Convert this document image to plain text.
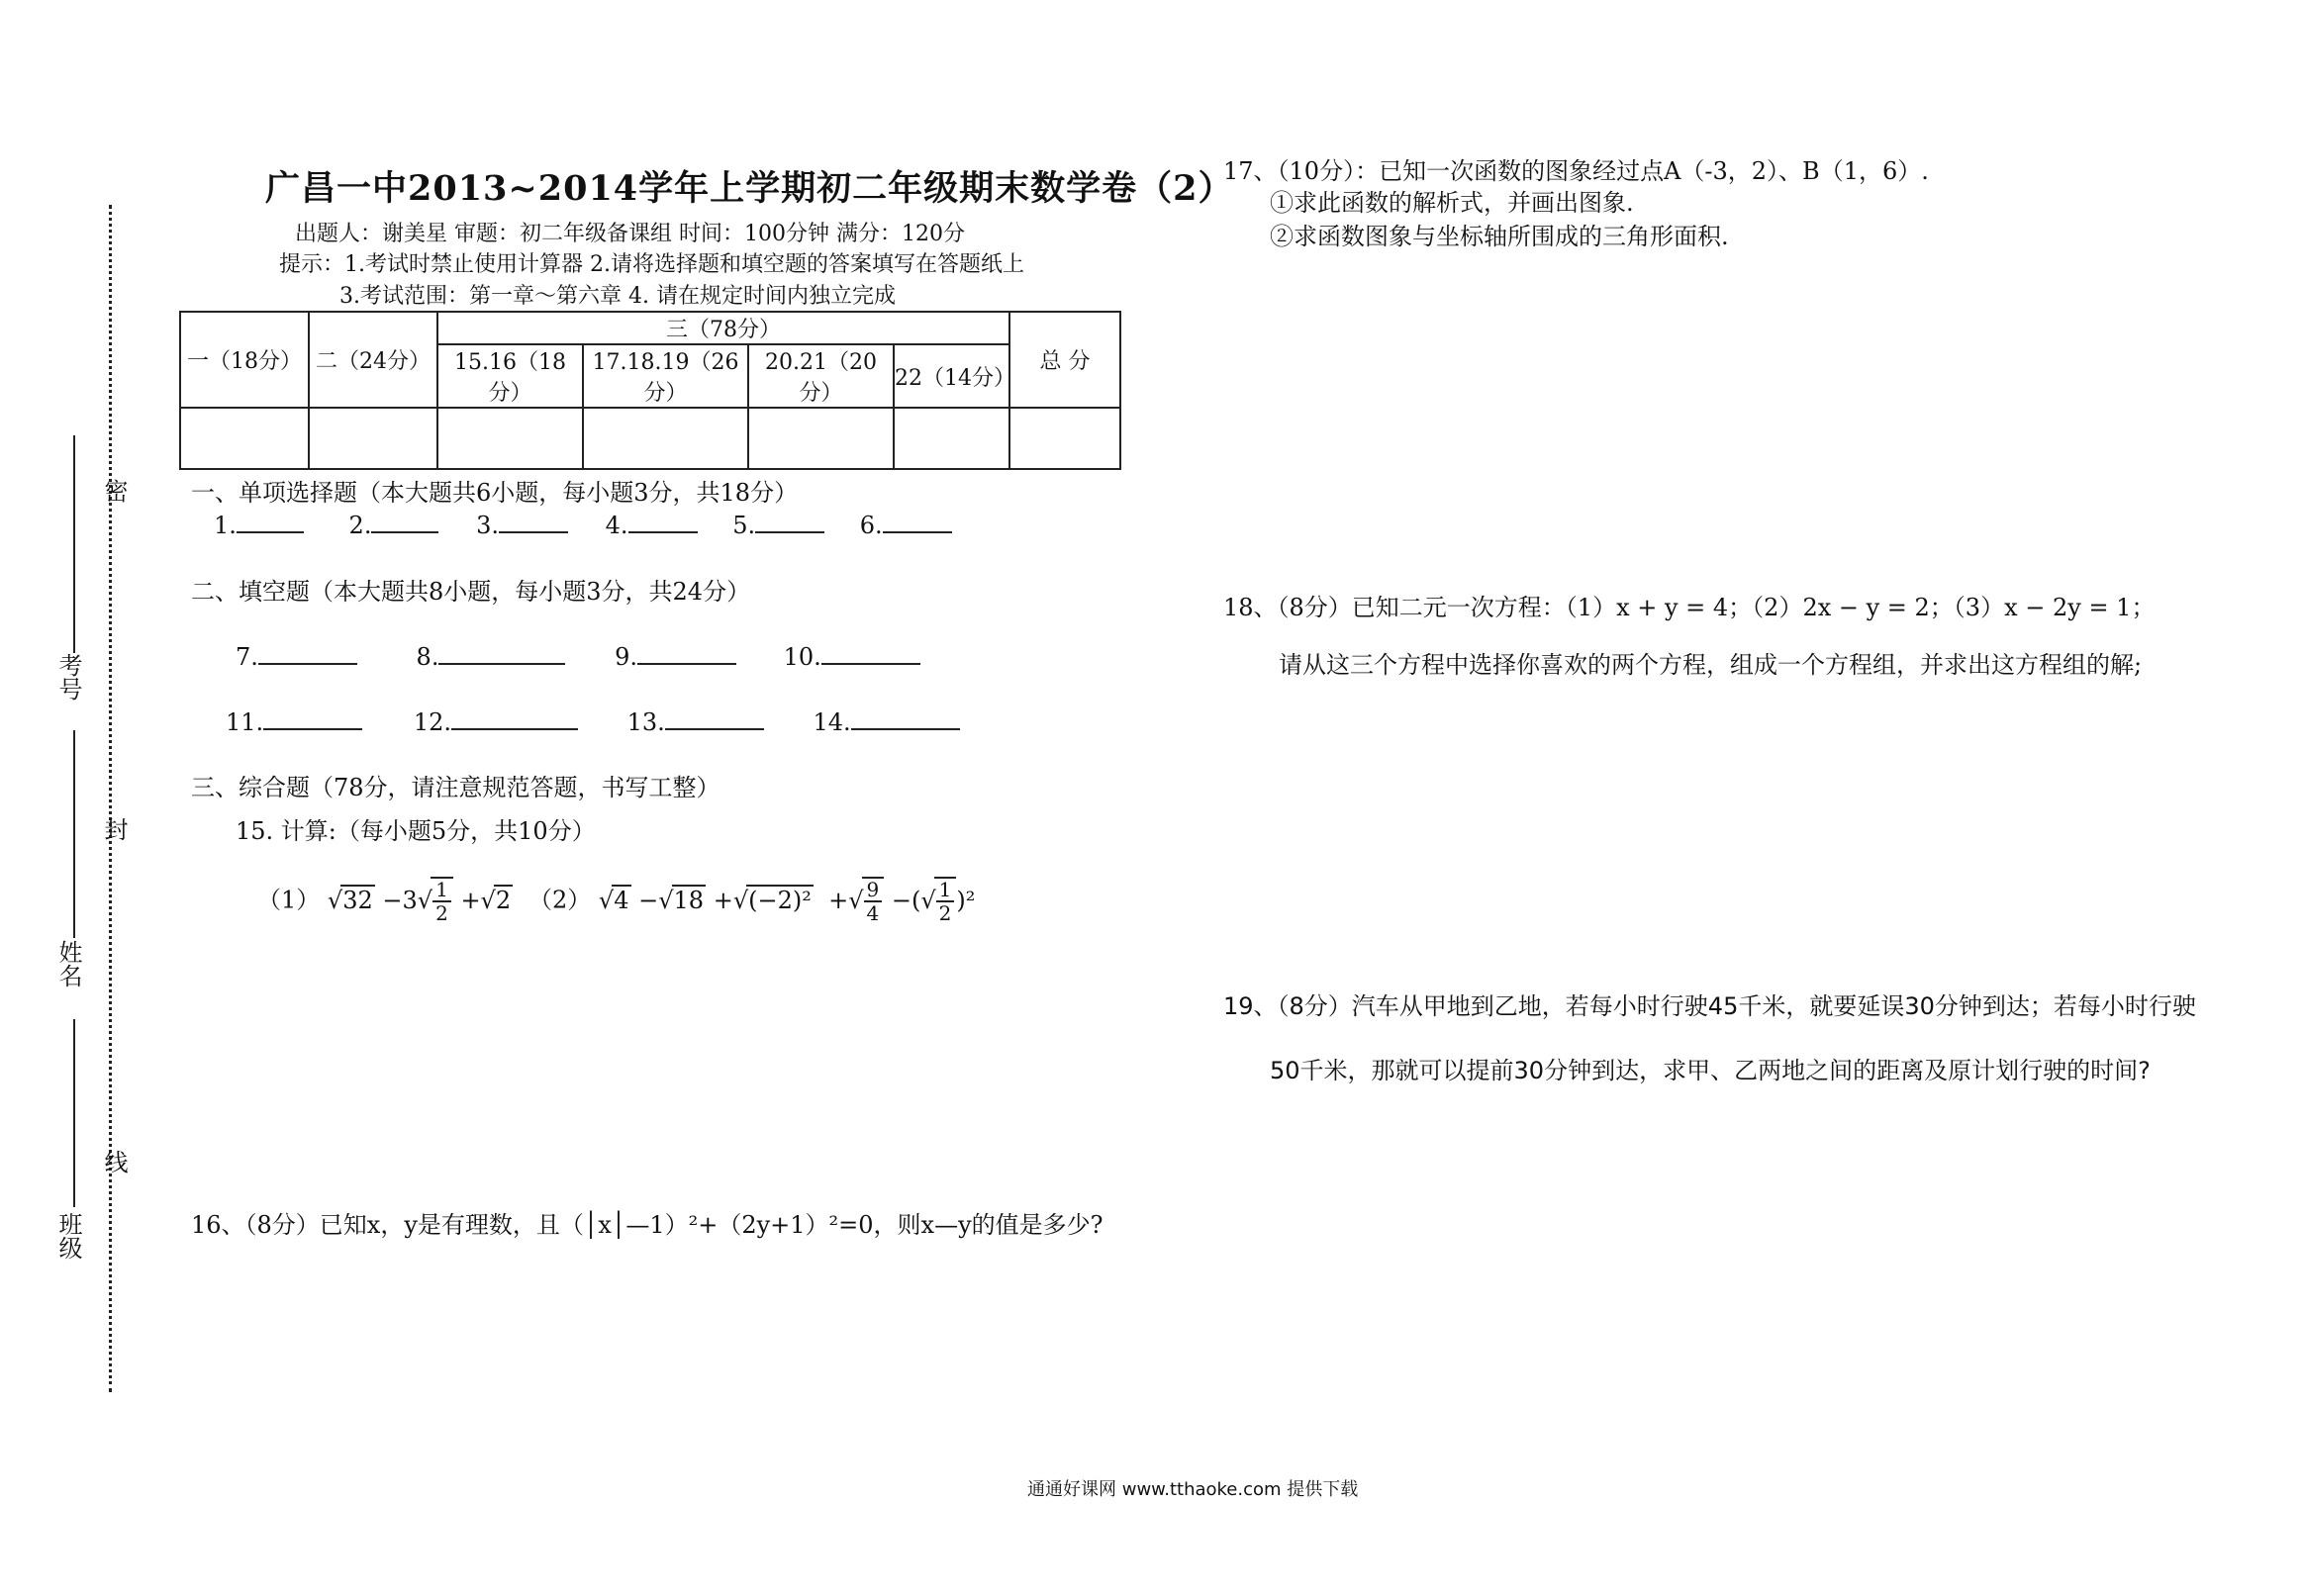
密
封
线
考号
姓名
班级
广昌一中2013~2014学年上学期初二年级期末数学卷（2）
出题人：谢美星 审题：初二年级备课组 时间：100分钟 满分：120分
提示：1.考试时禁止使用计算器 2.请将选择题和填空题的答案填写在答题纸上
3.考试范围：第一章～第六章 4. 请在规定时间内独立完成
一（18分）	二（24分）	三（78分）				总 分
		15.16（18分）	17.18.19（26分）	20.21（20分）	22（14分）	

一、单项选择题（本大题共6小题，每小题3分，共18分）
1.	2.	3.	4.	5.	6.
二、填空题（本大题共8小题，每小题3分，共24分）
7.	8.	9.	10.
11.	12.	13.	14.
三、综合题（78分，请注意规范答题，书写工整）
15. 计算:（每小题5分，共10分）
（1） $√32 -3√ \frac{1}{2} +√2$ （2） √4 −√18 +√(−2)²  +√ $\frac{9}{4}$ −(√ $\frac{1}{2} )^2$
16、（8分）已知x，y是有理数，且（│x│—1）²+（2y+1）²=0，则x—y的值是多少?
17、（10分）：已知一次函数的图象经过点A（-3，2）、B（1，6）.
①求此函数的解析式，并画出图象.
②求函数图象与坐标轴所围成的三角形面积.
18、（8分）已知二元一次方程：（1）x + y = 4；（2）2x − y = 2；（3）x − 2y = 1；
请从这三个方程中选择你喜欢的两个方程，组成一个方程组，并求出这方程组的解;
19、（8分）汽车从甲地到乙地，若每小时行驶45千米，就要延误30分钟到达；若每小时行驶
50千米，那就可以提前30分钟到达，求甲、乙两地之间的距离及原计划行驶的时间?
通通好课网 www.tthaoke.com 提供下载
